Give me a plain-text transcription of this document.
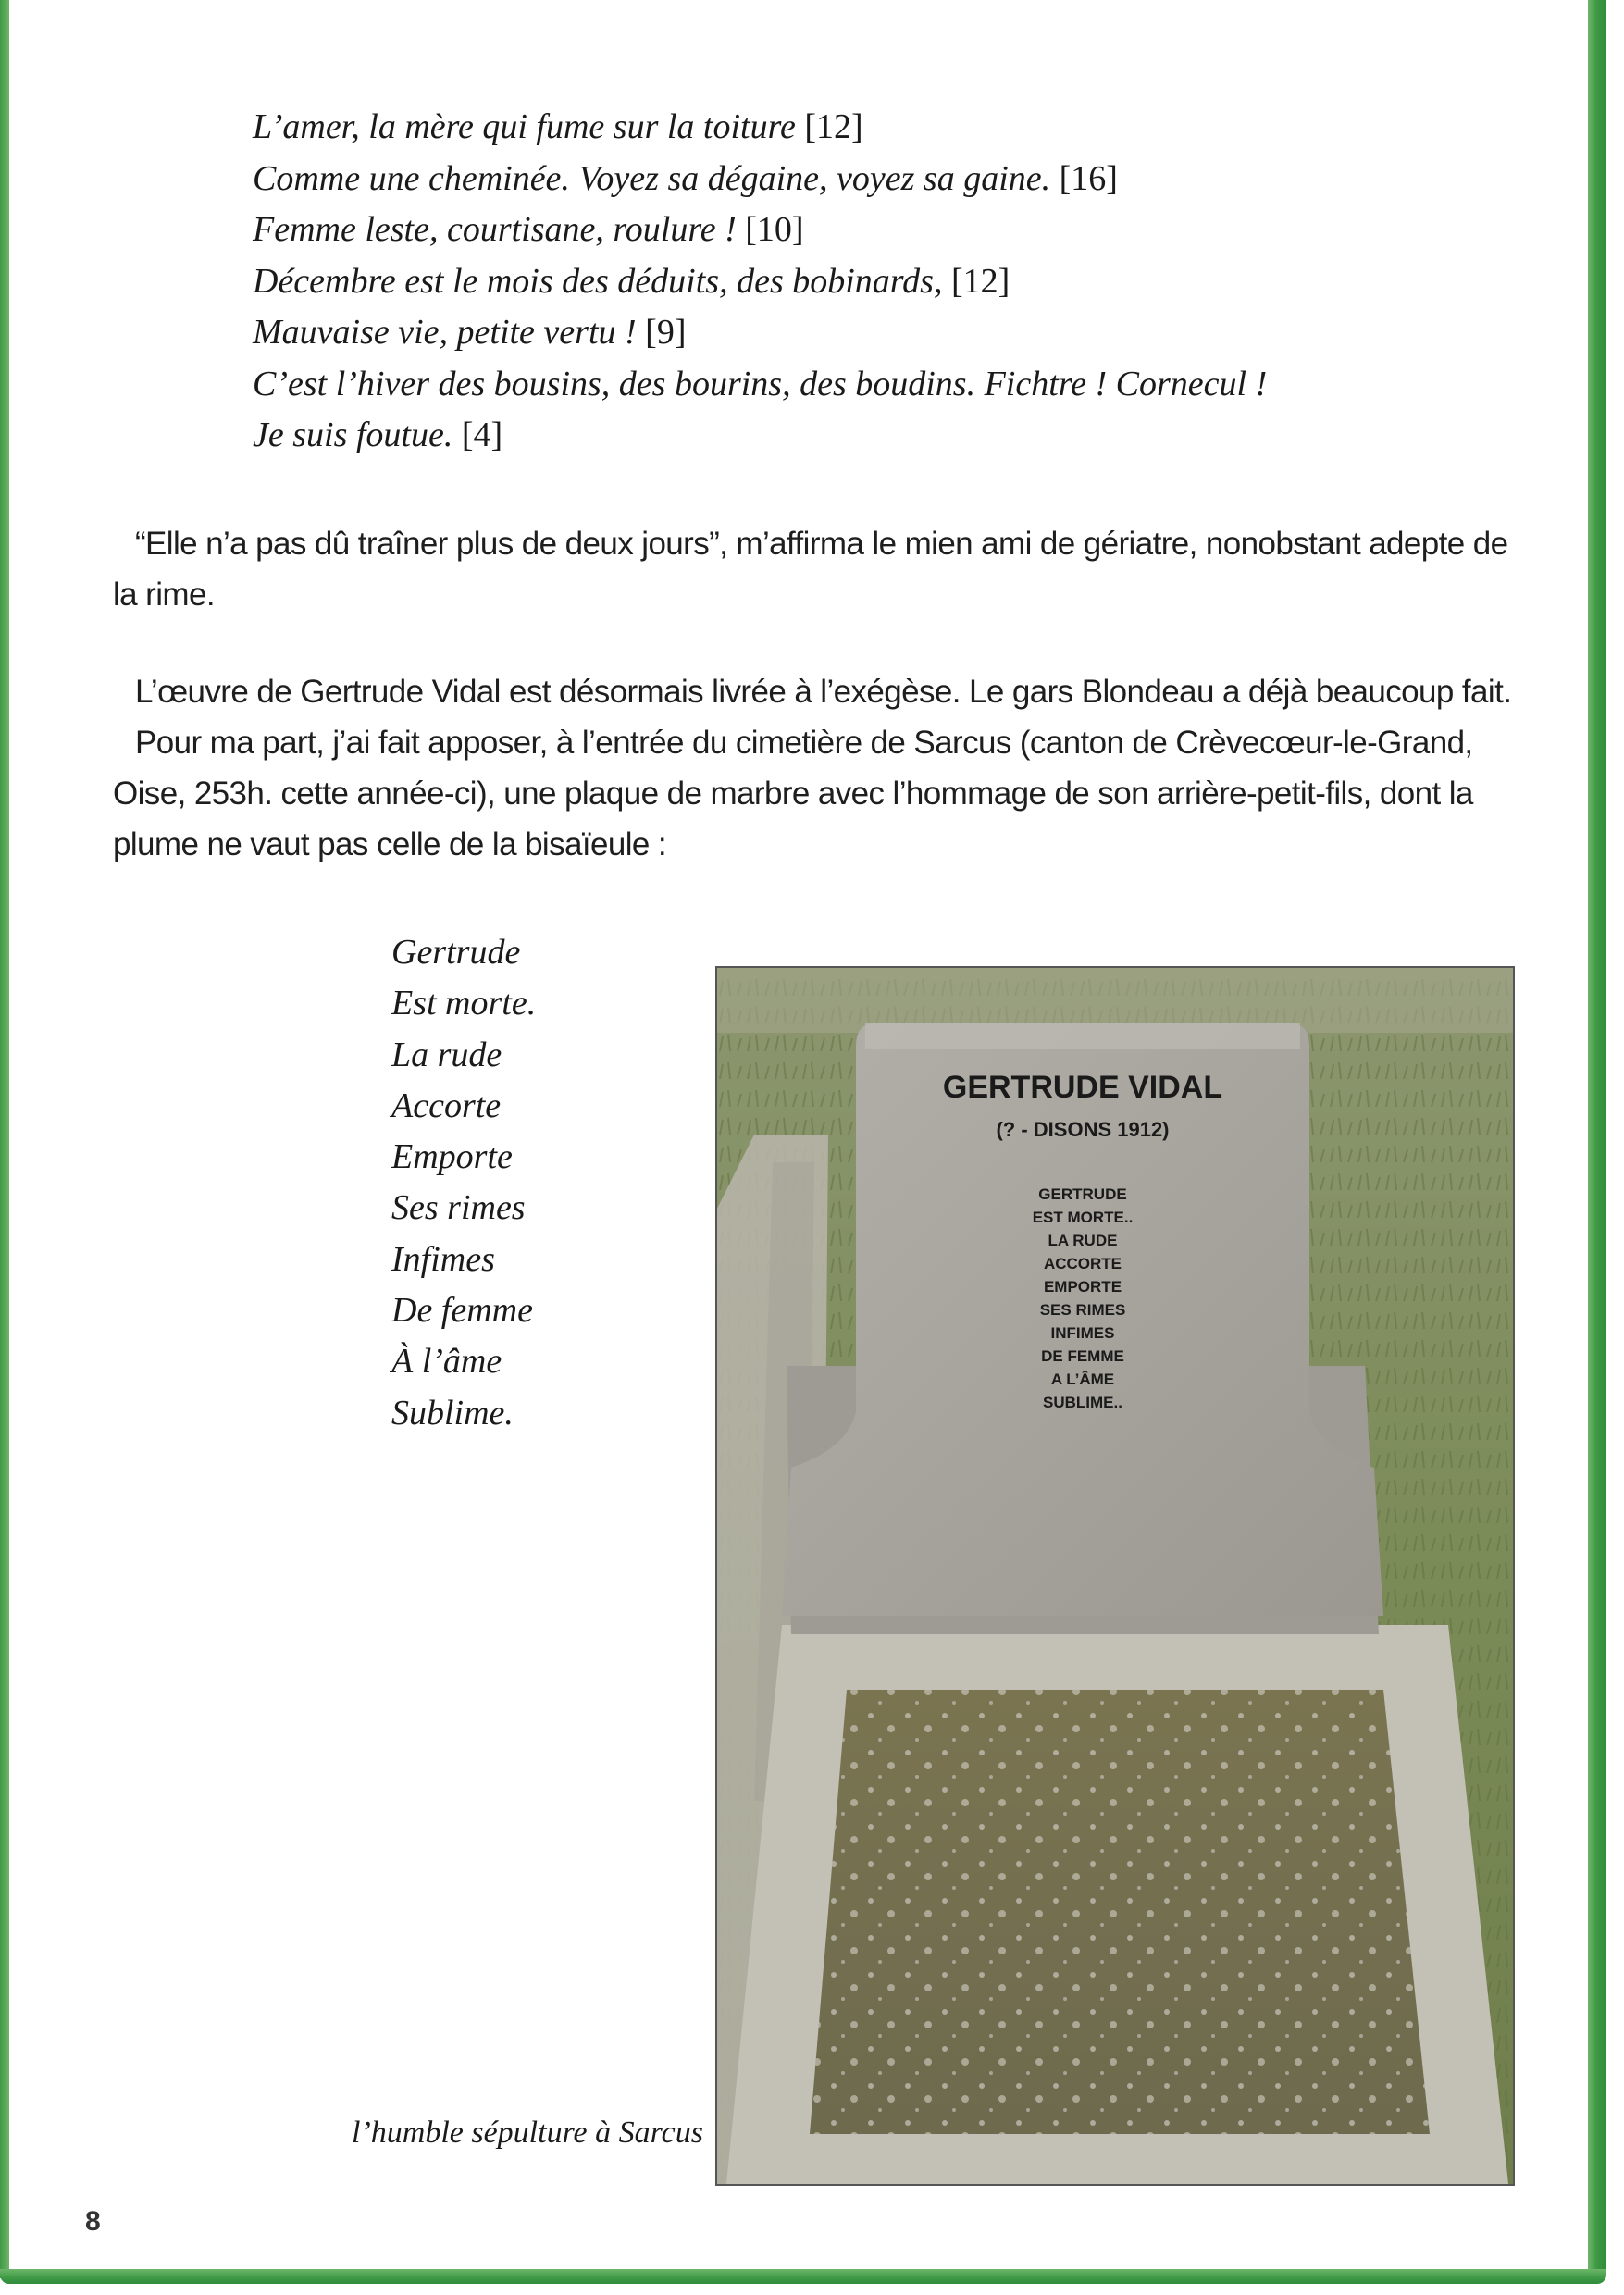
L’amer, la mère qui fume sur la toiture [12]
Comme une cheminée. Voyez sa dégaine, voyez sa gaine. [16]
Femme leste, courtisane, roulure ! [10]
Décembre est le mois des déduits, des bobinards, [12]
Mauvaise vie, petite vertu ! [9]
C’est l’hiver des bousins, des bourins, des boudins. Fichtre ! Cornecul !
Je suis foutue. [4]

“Elle n’a pas dû traîner plus de deux jours”, m’affirma le mien ami de gériatre, nonobstant adepte de la rime.

L’œuvre de Gertrude Vidal est désormais livrée à l’exégèse. Le gars Blondeau a déjà beaucoup fait.

Pour ma part, j’ai fait apposer, à l’entrée du cimetière de Sarcus (canton de Crèvecœur-le-Grand, Oise, 253h. cette année-ci), une plaque de marbre avec l’hommage de son arrière-petit-fils, dont la plume ne vaut pas celle de la bisaïeule :

Gertrude
Est morte.
La rude
Accorte
Emporte
Ses rimes
Infimes
De femme
À l’âme
Sublime.
GERTRUDE VIDAL
(? - DISONS 1912)
GERTRUDE
EST MORTE..
LA RUDE
ACCORTE
EMPORTE
SES RIMES
INFIMES
DE FEMME
A L’ÂME
SUBLIME..
l’humble sépulture à Sarcus
8
